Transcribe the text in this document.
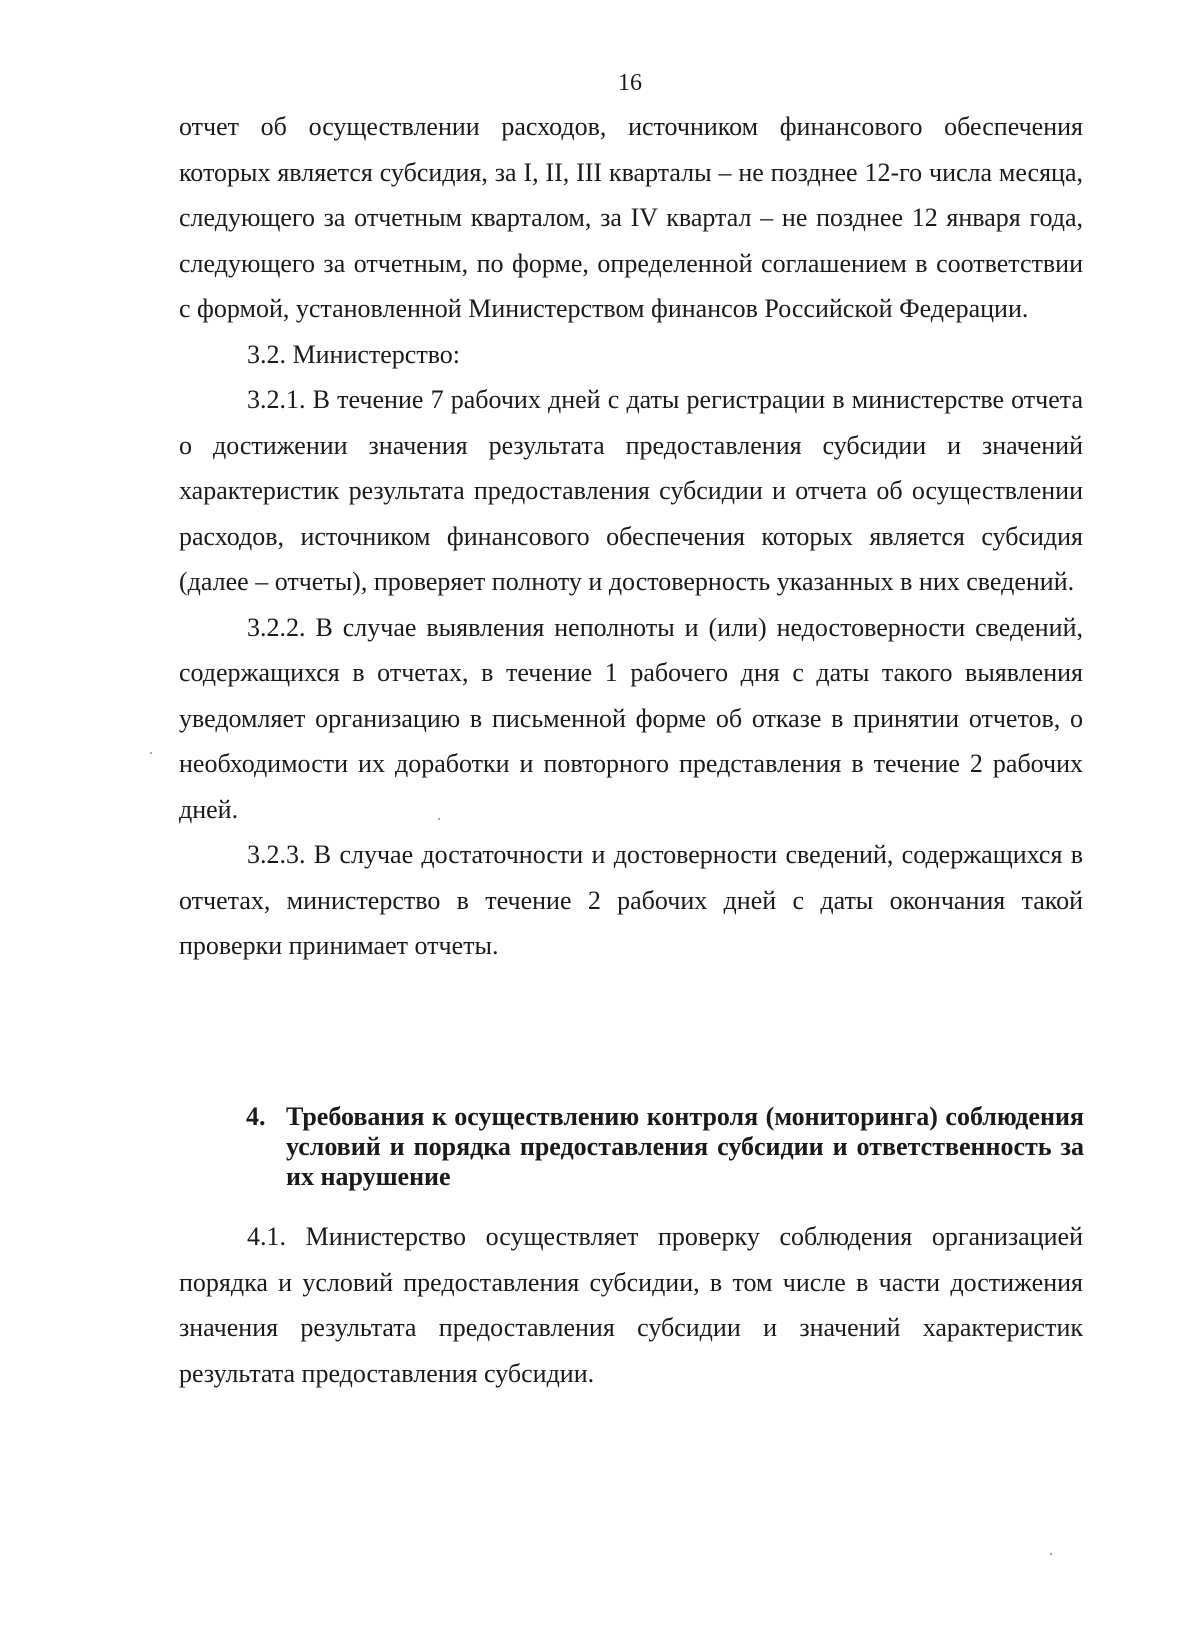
16

отчет об осуществлении расходов, источником финансового обеспечения которых является субсидия, за I, II, III кварталы – не позднее 12-го числа месяца, следующего за отчетным кварталом, за IV квартал – не позднее 12 января года, следующего за отчетным, по форме, определенной соглашением в соответствии с формой, установленной Министерством финансов Российской Федерации.

3.2. Министерство:

3.2.1. В течение 7 рабочих дней с даты регистрации в министерстве отчета о достижении значения результата предоставления субсидии и значений характеристик результата предоставления субсидии и отчета об осуществлении расходов, источником финансового обеспечения которых является субсидия (далее – отчеты), проверяет полноту и достоверность указанных в них сведений.

3.2.2. В случае выявления неполноты и (или) недостоверности сведений, содержащихся в отчетах, в течение 1 рабочего дня с даты такого выявления уведомляет организацию в письменной форме об отказе в принятии отчетов, о необходимости их доработки и повторного представления в течение 2 рабочих дней.

3.2.3. В случае достаточности и достоверности сведений, содержащихся в отчетах, министерство в течение 2 рабочих дней с даты окончания такой проверки принимает отчеты.

4. Требования к осуществлению контроля (мониторинга) соблюдения условий и порядка предоставления субсидии и ответственность за их нарушение

4.1. Министерство осуществляет проверку соблюдения организацией порядка и условий предоставления субсидии, в том числе в части достижения значения результата предоставления субсидии и значений характеристик результата предоставления субсидии.
